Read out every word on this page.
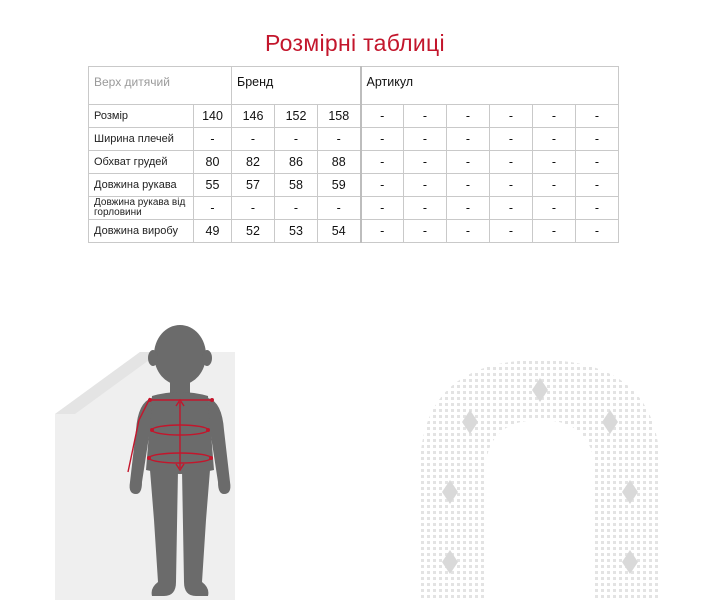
Розмірні таблиці
Верх дитячий		Бренд			Артикул					
Розмір	140	146	152	158	-	-	-	-	-	-
Ширина плечей	-	-	-	-	-	-	-	-	-	-
Обхват грудей	80	82	86	88	-	-	-	-	-	-
Довжина рукава	55	57	58	59	-	-	-	-	-	-
Довжина рукава від горловини	-	-	-	-	-	-	-	-	-	-
Довжина виробу	49	52	53	54	-	-	-	-	-	-
